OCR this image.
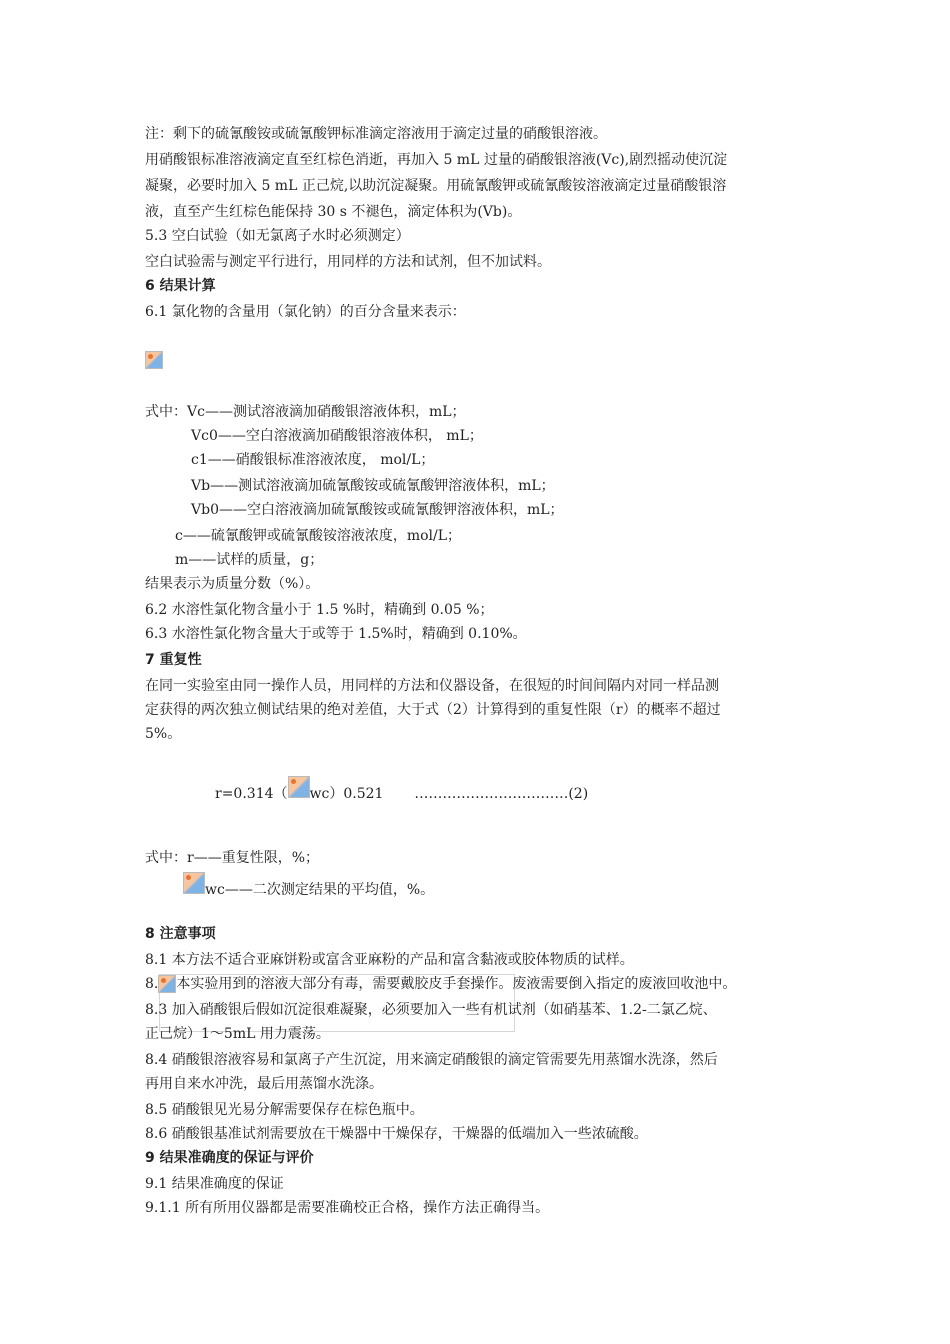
注：剩下的硫氰酸铵或硫氰酸钾标准滴定溶液用于滴定过量的硝酸银溶液。
用硝酸银标准溶液滴定直至红棕色消逝，再加入 5 mL 过量的硝酸银溶液(Vc),剧烈摇动使沉淀
凝聚，必要时加入 5 mL 正己烷,以助沉淀凝聚。用硫氰酸钾或硫氰酸铵溶液滴定过量硝酸银溶
液，直至产生红棕色能保持 30 s 不褪色，滴定体积为(Vb)。
5.3 空白试验（如无氯离子水时必须测定）
空白试验需与测定平行进行，用同样的方法和试剂，但不加试料。
6 结果计算
6.1 氯化物的含量用（氯化钠）的百分含量来表示：
式中：Vc——测试溶液滴加硝酸银溶液体积，mL；
Vc0——空白溶液滴加硝酸银溶液体积， mL；
c1——硝酸银标准溶液浓度， mol/L；
Vb——测试溶液滴加硫氰酸铵或硫氰酸钾溶液体积，mL；
Vb0——空白溶液滴加硫氰酸铵或硫氰酸钾溶液体积，mL；
c——硫氰酸钾或硫氰酸铵溶液浓度，mol/L；
m——试样的质量，g；
结果表示为质量分数（%）。
6.2 水溶性氯化物含量小于 1.5 %时，精确到 0.05 %；
6.3 水溶性氯化物含量大于或等于 1.5%时，精确到 0.10%。
7 重复性
在同一实验室由同一操作人员，用同样的方法和仪器设备，在很短的时间间隔内对同一样品测
定获得的两次独立侧试结果的绝对差值，大于式（2）计算得到的重复性限（r）的概率不超过
5%。
r=0.314（ wc）0.521 ……………………………(2)
式中：r——重复性限，%；
wc——二次测定结果的平均值，%。
8 注意事项
8.1 本方法不适合亚麻饼粉或富含亚麻粉的产品和富含黏液或胶体物质的试样。
8. 本实验用到的溶液大部分有毒，需要戴胶皮手套操作。废液需要倒入指定的废液回收池中。
8.3 加入硝酸银后假如沉淀很难凝聚，必须要加入一些有机试剂（如硝基苯、1.2-二氯乙烷、
正己烷）1～5mL 用力震荡。
8.4 硝酸银溶液容易和氯离子产生沉淀，用来滴定硝酸银的滴定管需要先用蒸馏水洗涤，然后
再用自来水冲洗，最后用蒸馏水洗涤。
8.5 硝酸银见光易分解需要保存在棕色瓶中。
8.6 硝酸银基准试剂需要放在干燥器中干燥保存，干燥器的低端加入一些浓硫酸。
9 结果准确度的保证与评价
9.1 结果准确度的保证
9.1.1 所有所用仪器都是需要准确校正合格，操作方法正确得当。
